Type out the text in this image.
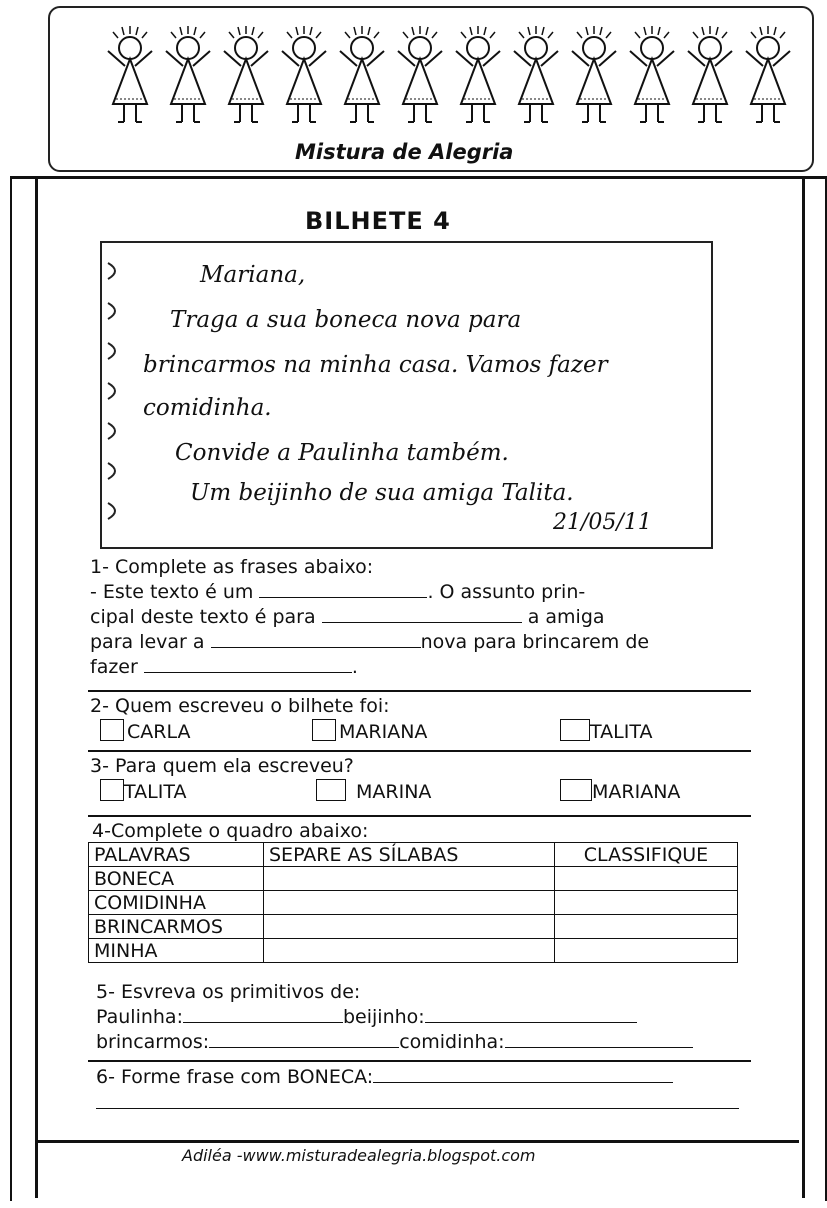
Mistura de Alegria
BILHETE 4
Mariana,
Traga a sua boneca nova para
brincarmos na minha casa. Vamos fazer
comidinha.
Convide a Paulinha também.
Um beijinho de sua amiga Talita.
21/05/11
1- Complete as frases abaixo:
- Este texto é um	. O assunto prin-
cipal deste texto é para	a amiga
para levar a	nova para brincarem de
fazer	.
2- Quem escreveu o bilhete foi:
CARLA	MARIANA	TALITA
3- Para quem ela escreveu?
TALITA	MARINA	MARIANA
4-Complete o quadro abaixo:
PALAVRAS	SEPARE AS SÍLABAS	CLASSIFIQUE
BONECA		
COMIDINHA		
BRINCARMOS		
MINHA		
5- Esvreva os primitivos de:
Paulinha:	beijinho:
brincarmos:	comidinha:
6- Forme frase com BONECA:
Adiléa -www.misturadealegria.blogspot.com
